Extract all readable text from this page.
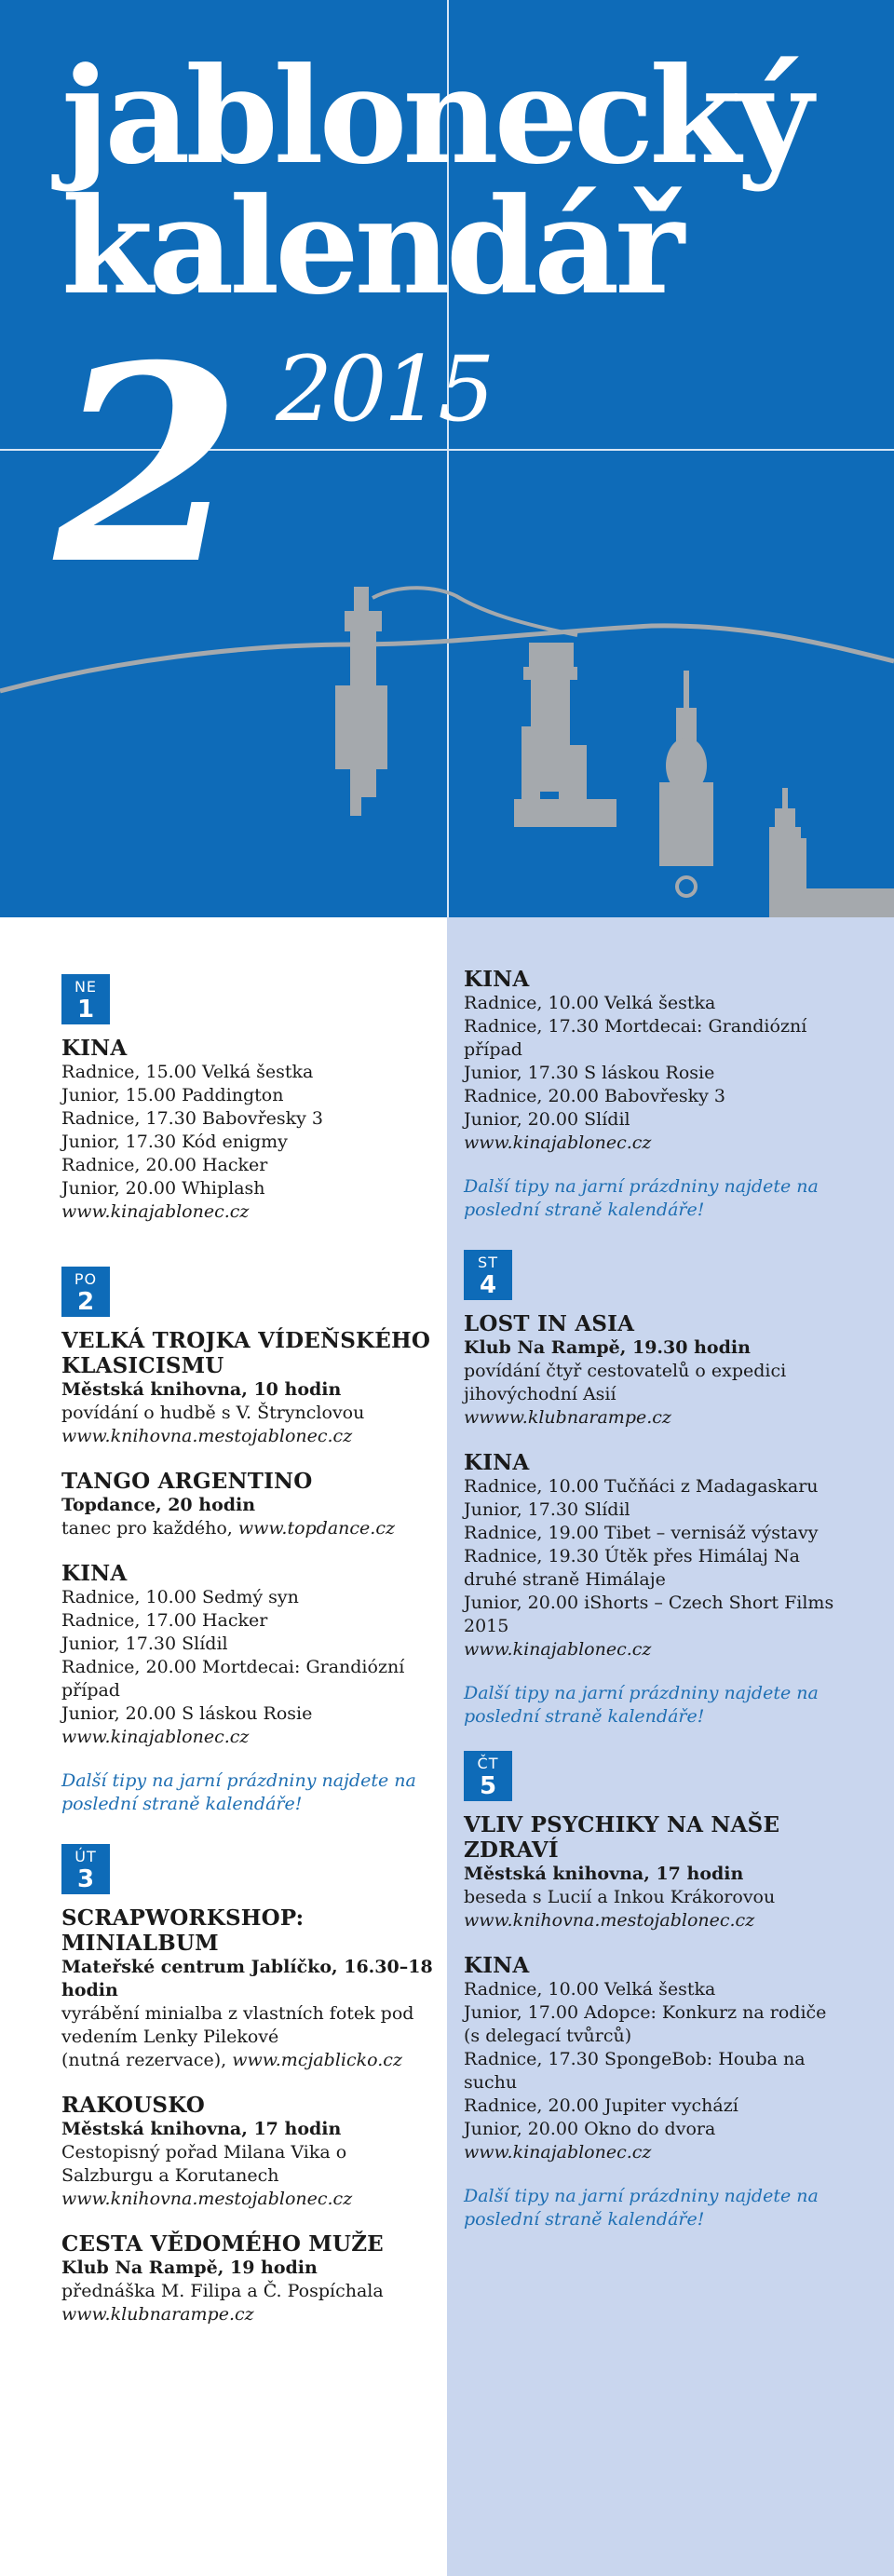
jablonecký
kalendář
2 2015
NE
1
KINA
Radnice, 15.00 Velká šestka
Junior, 15.00 Paddington
Radnice, 17.30 Babovřesky 3
Junior, 17.30 Kód enigmy
Radnice, 20.00 Hacker
Junior, 20.00 Whiplash
www.kinajablonec.cz
PO
2
VELKÁ TROJKA VÍDEŇSKÉHO KLASICISMU
Městská knihovna, 10 hodin
povídání o hudbě s V. Štrynclovou
www.knihovna.mestojablonec.cz
TANGO ARGENTINO
Topdance, 20 hodin
tanec pro každého, www.topdance.cz
KINA
Radnice, 10.00 Sedmý syn
Radnice, 17.00 Hacker
Junior, 17.30 Slídil
Radnice, 20.00 Mortdecai: Grandiózní případ
Junior, 20.00 S láskou Rosie
www.kinajablonec.cz
Další tipy na jarní prázdniny najdete na poslední straně kalendáře!
ÚT
3
SCRAPWORKSHOP: MINIALBUM
Mateřské centrum Jablíčko, 16.30–18 hodin
vyrábění minialba z vlastních fotek pod vedením Lenky Pilekové
(nutná rezervace), www.mcjablicko.cz
RAKOUSKO
Městská knihovna, 17 hodin
Cestopisný pořad Milana Vika o Salzburgu a Korutanech
www.knihovna.mestojablonec.cz
CESTA VĚDOMÉHO MUŽE
Klub Na Rampě, 19 hodin
přednáška M. Filipa a Č. Pospíchala
www.klubnarampe.cz
KINA
Radnice, 10.00 Velká šestka
Radnice, 17.30 Mortdecai: Grandiózní případ
Junior, 17.30 S láskou Rosie
Radnice, 20.00 Babovřesky 3
Junior, 20.00 Slídil
www.kinajablonec.cz
Další tipy na jarní prázdniny najdete na poslední straně kalendáře!
ST
4
LOST IN ASIA
Klub Na Rampě, 19.30 hodin
povídání čtyř cestovatelů o expedici jihovýchodní Asií
wwww.klubnarampe.cz
KINA
Radnice, 10.00 Tučňáci z Madagaskaru
Junior, 17.30 Slídil
Radnice, 19.00 Tibet – vernisáž výstavy
Radnice, 19.30 Útěk přes Himálaj Na druhé straně Himálaje
Junior, 20.00 iShorts – Czech Short Films 2015
www.kinajablonec.cz
Další tipy na jarní prázdniny najdete na poslední straně kalendáře!
ČT
5
VLIV PSYCHIKY NA NAŠE ZDRAVÍ
Městská knihovna, 17 hodin
beseda s Lucií a Inkou Krákorovou
www.knihovna.mestojablonec.cz
KINA
Radnice, 10.00 Velká šestka
Junior, 17.00 Adopce: Konkurz na rodiče (s delegací tvůrců)
Radnice, 17.30 SpongeBob: Houba na suchu
Radnice, 20.00 Jupiter vychází
Junior, 20.00 Okno do dvora
www.kinajablonec.cz
Další tipy na jarní prázdniny najdete na poslední straně kalendáře!
